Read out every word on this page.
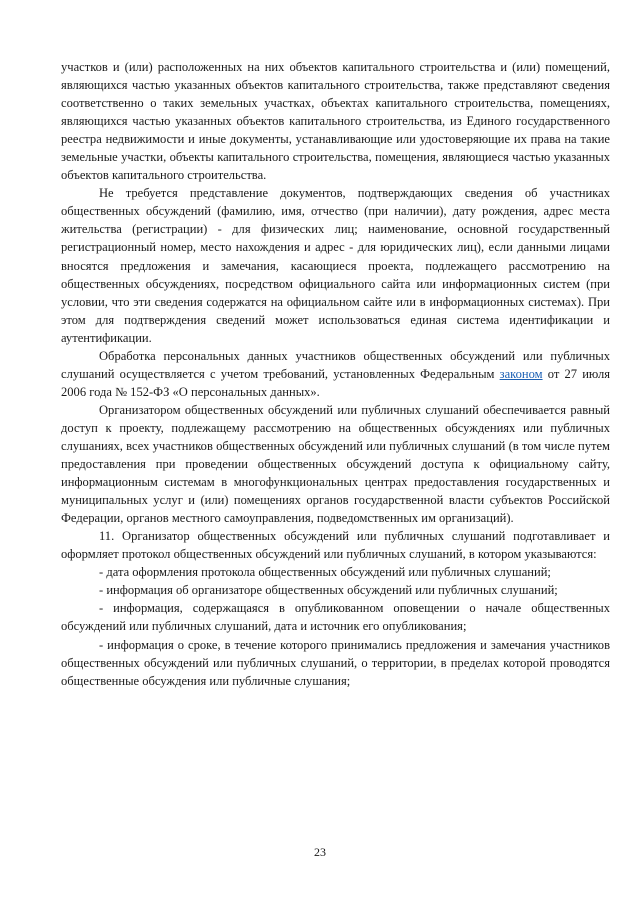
участков и (или) расположенных на них объектов капитального строительства и (или) помещений, являющихся частью указанных объектов капитального строительства, также представляют сведения соответственно о таких земельных участках, объектах капитального строительства, помещениях, являющихся частью указанных объектов капитального строительства, из Единого государственного реестра недвижимости и иные документы, устанавливающие или удостоверяющие их права на такие земельные участки, объекты капитального строительства, помещения, являющиеся частью указанных объектов капитального строительства.

Не требуется представление документов, подтверждающих сведения об участниках общественных обсуждений (фамилию, имя, отчество (при наличии), дату рождения, адрес места жительства (регистрации) - для физических лиц; наименование, основной государственный регистрационный номер, место нахождения и адрес - для юридических лиц), если данными лицами вносятся предложения и замечания, касающиеся проекта, подлежащего рассмотрению на общественных обсуждениях, посредством официального сайта или информационных систем (при условии, что эти сведения содержатся на официальном сайте или в информационных системах). При этом для подтверждения сведений может использоваться единая система идентификации и аутентификации.

Обработка персональных данных участников общественных обсуждений или публичных слушаний осуществляется с учетом требований, установленных Федеральным законом от 27 июля 2006 года № 152-ФЗ «О персональных данных».

Организатором общественных обсуждений или публичных слушаний обеспечивается равный доступ к проекту, подлежащему рассмотрению на общественных обсуждениях или публичных слушаниях, всех участников общественных обсуждений или публичных слушаний (в том числе путем предоставления при проведении общественных обсуждений доступа к официальному сайту, информационным системам в многофункциональных центрах предоставления государственных и муниципальных услуг и (или) помещениях органов государственной власти субъектов Российской Федерации, органов местного самоуправления, подведомственных им организаций).

11. Организатор общественных обсуждений или публичных слушаний подготавливает и оформляет протокол общественных обсуждений или публичных слушаний, в котором указываются:

- дата оформления протокола общественных обсуждений или публичных слушаний;

- информация об организаторе общественных обсуждений или публичных слушаний;

- информация, содержащаяся в опубликованном оповещении о начале общественных обсуждений или публичных слушаний, дата и источник его опубликования;

- информация о сроке, в течение которого принимались предложения и замечания участников общественных обсуждений или публичных слушаний, о территории, в пределах которой проводятся общественные обсуждения или публичные слушания;

23
